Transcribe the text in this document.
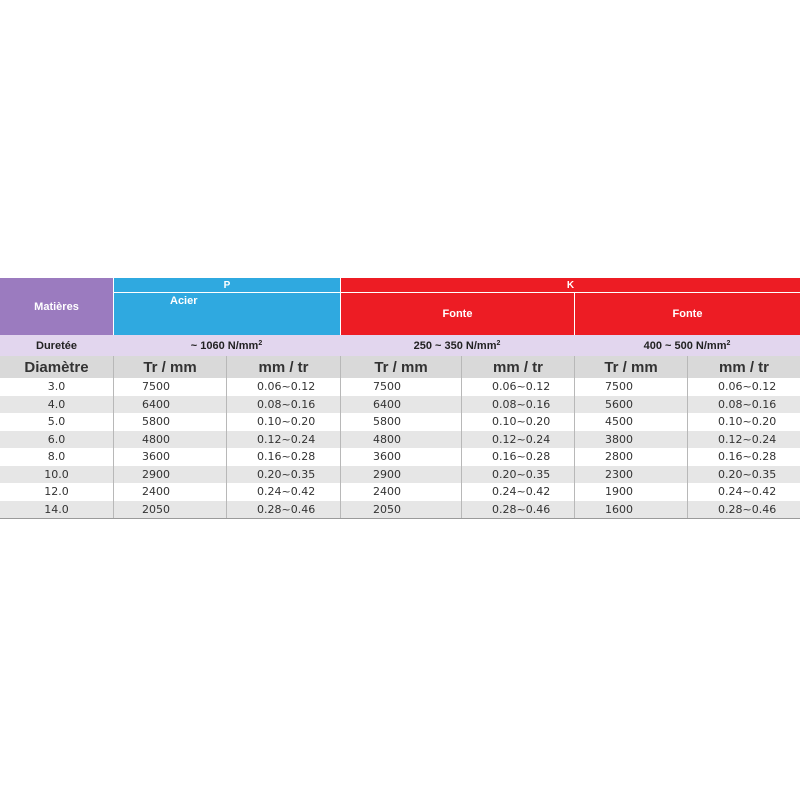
Matières
P
Acier
K
Fonte	Fonte
Duretée	~ 1060 $N/mm^2$	250 ~ 350 $N/mm^2$	400 ~ 500 $N/mm^2$
Diamètre	Tr / mm	mm / tr	Tr / mm	mm / tr	Tr / mm	mm / tr
3.0	7500	0.06~0.12	7500	0.06~0.12	7500	0.06~0.12
4.0	6400	0.08~0.16	6400	0.08~0.16	5600	0.08~0.16
5.0	5800	0.10~0.20	5800	0.10~0.20	4500	0.10~0.20
6.0	4800	0.12~0.24	4800	0.12~0.24	3800	0.12~0.24
8.0	3600	0.16~0.28	3600	0.16~0.28	2800	0.16~0.28
10.0	2900	0.20~0.35	2900	0.20~0.35	2300	0.20~0.35
12.0	2400	0.24~0.42	2400	0.24~0.42	1900	0.24~0.42
14.0	2050	0.28~0.46	2050	0.28~0.46	1600	0.28~0.46
